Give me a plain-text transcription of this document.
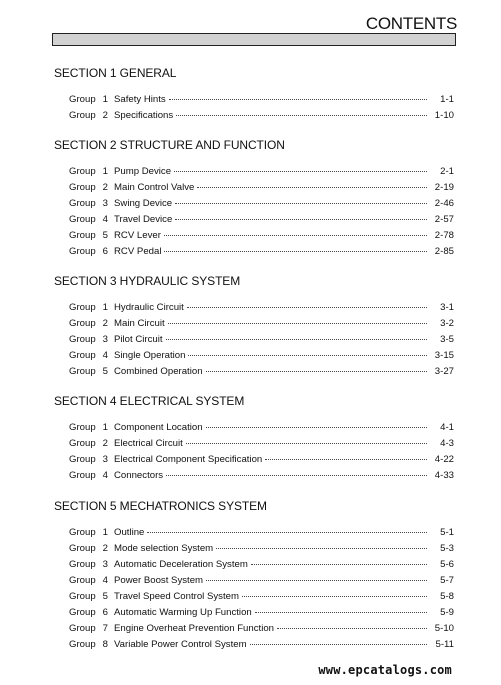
CONTENTS
SECTION 1 GENERAL
Group 1 Safety Hints	1-1
Group 2 Specifications	1-10
SECTION 2 STRUCTURE AND FUNCTION
Group 1 Pump Device	2-1
Group 2 Main Control Valve	2-19
Group 3 Swing Device	2-46
Group 4 Travel Device	2-57
Group 5 RCV Lever	2-78
Group 6 RCV Pedal	2-85
SECTION 3 HYDRAULIC SYSTEM
Group 1 Hydraulic Circuit	3-1
Group 2 Main Circuit	3-2
Group 3 Pilot Circuit	3-5
Group 4 Single Operation	3-15
Group 5 Combined Operation	3-27
SECTION 4 ELECTRICAL SYSTEM
Group 1 Component Location	4-1
Group 2 Electrical Circuit	4-3
Group 3 Electrical Component Specification	4-22
Group 4 Connectors	4-33
SECTION 5 MECHATRONICS SYSTEM
Group 1 Outline	5-1
Group 2 Mode selection System	5-3
Group 3 Automatic Deceleration System	5-6
Group 4 Power Boost System	5-7
Group 5 Travel Speed Control System	5-8
Group 6 Automatic Warming Up Function	5-9
Group 7 Engine Overheat Prevention Function	5-10
Group 8 Variable Power Control System	5-11
www.epcatalogs.com
